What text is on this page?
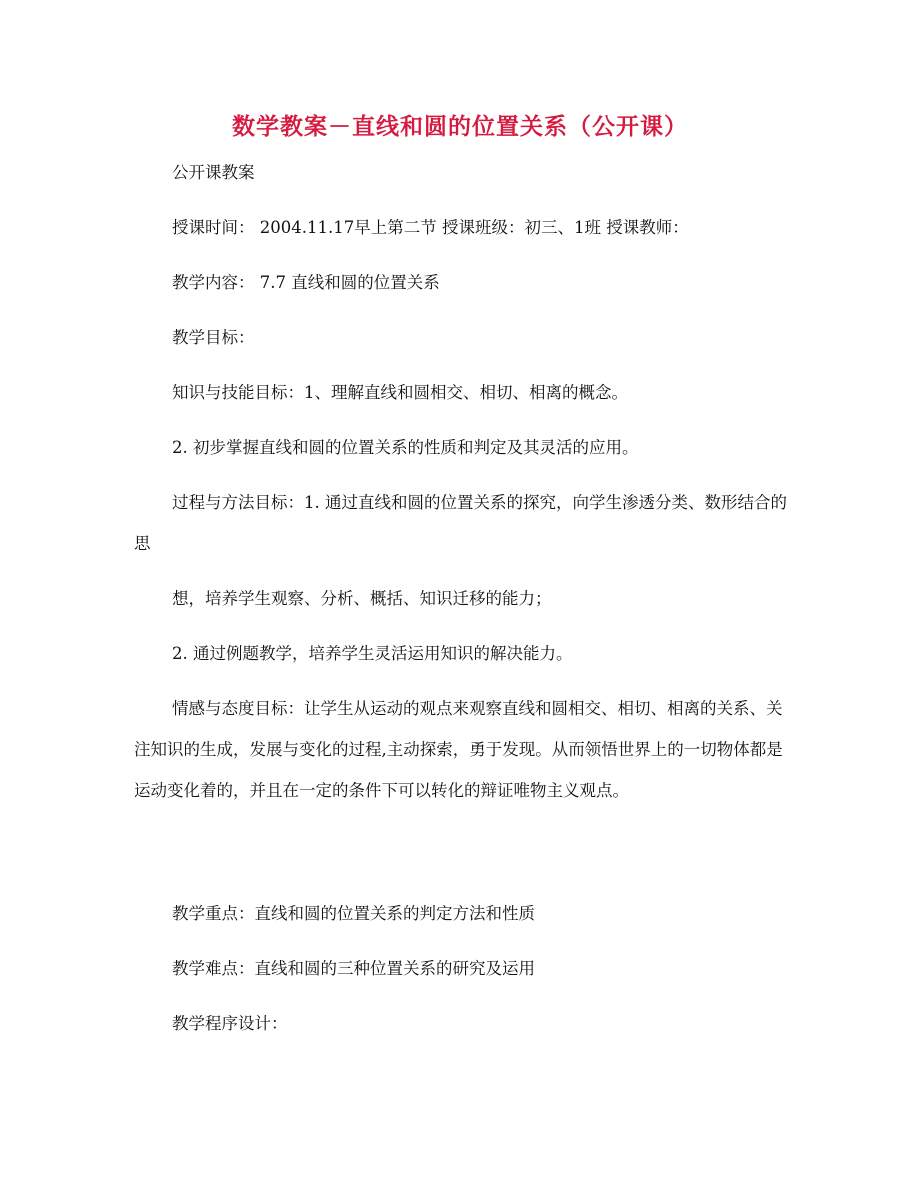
数学教案－直线和圆的位置关系（公开课）

公开课教案

授课时间： 2004.11.17早上第二节 授课班级：初三、1班 授课教师：

教学内容： 7.7 直线和圆的位置关系

教学目标：

知识与技能目标：1、理解直线和圆相交、相切、相离的概念。

2. 初步掌握直线和圆的位置关系的性质和判定及其灵活的应用。

过程与方法目标：1. 通过直线和圆的位置关系的探究，向学生渗透分类、数形结合的思

想，培养学生观察、分析、概括、知识迁移的能力；

2. 通过例题教学，培养学生灵活运用知识的解决能力。

情感与态度目标：让学生从运动的观点来观察直线和圆相交、相切、相离的关系、关注知识的生成，发展与变化的过程,主动探索，勇于发现。从而领悟世界上的一切物体都是运动变化着的，并且在一定的条件下可以转化的辩证唯物主义观点。

教学重点：直线和圆的位置关系的判定方法和性质

教学难点：直线和圆的三种位置关系的研究及运用

教学程序设计：
